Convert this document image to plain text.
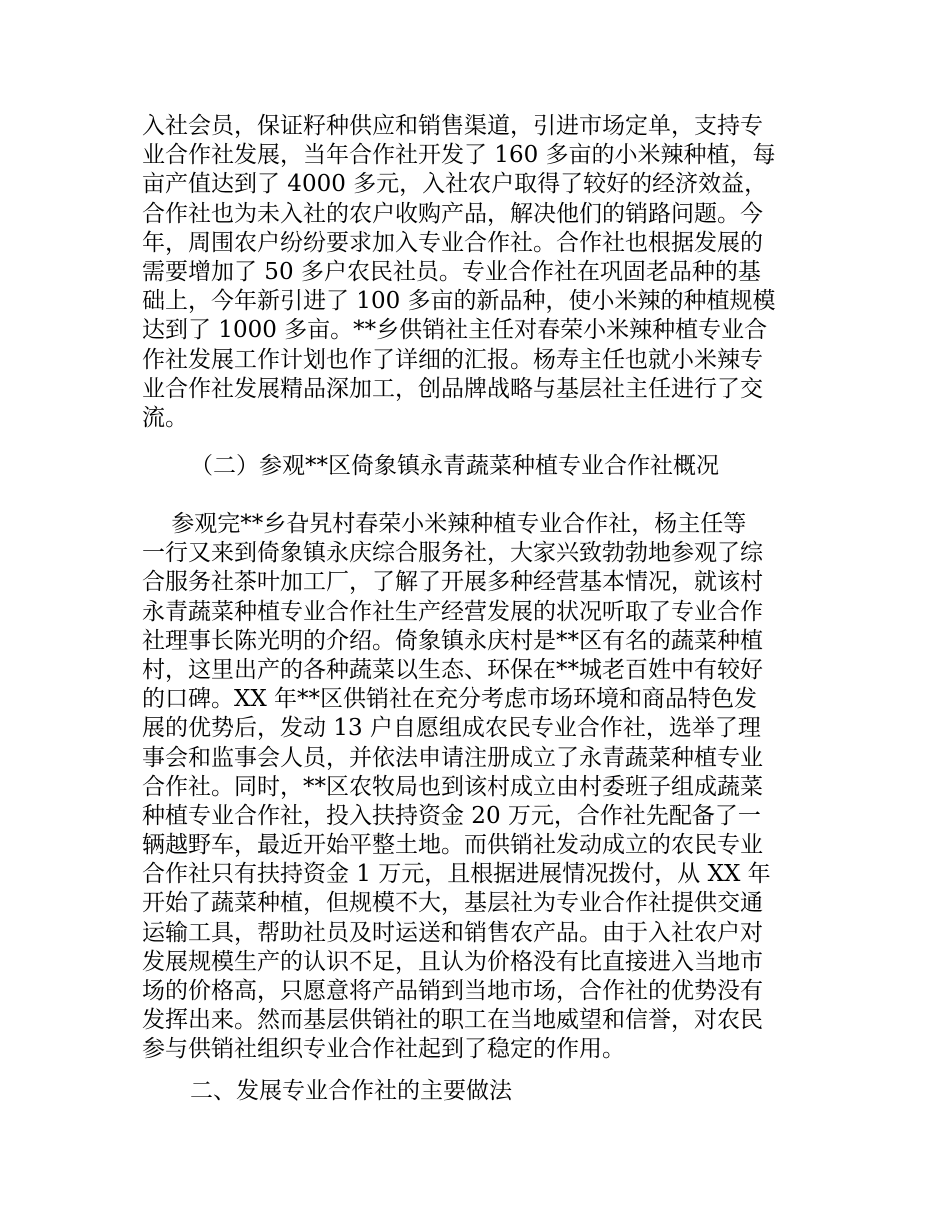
入社会员，保证籽种供应和销售渠道，引进市场定单，支持专
业合作社发展，当年合作社开发了 160 多亩的小米辣种植，每
亩产值达到了 4000 多元，入社农户取得了较好的经济效益，
合作社也为未入社的农户收购产品，解决他们的销路问题。今
年，周围农户纷纷要求加入专业合作社。合作社也根据发展的
需要增加了 50 多户农民社员。专业合作社在巩固老品种的基
础上，今年新引进了 100 多亩的新品种，使小米辣的种植规模
达到了 1000 多亩。**乡供销社主任对春荣小米辣种植专业合
作社发展工作计划也作了详细的汇报。杨寿主任也就小米辣专
业合作社发展精品深加工，创品牌战略与基层社主任进行了交
流。
（二）参观**区倚象镇永青蔬菜种植专业合作社概况
参观完**乡旮旯村春荣小米辣种植专业合作社，杨主任等
一行又来到倚象镇永庆综合服务社，大家兴致勃勃地参观了综
合服务社茶叶加工厂，了解了开展多种经营基本情况，就该村
永青蔬菜种植专业合作社生产经营发展的状况听取了专业合作
社理事长陈光明的介绍。倚象镇永庆村是**区有名的蔬菜种植
村，这里出产的各种蔬菜以生态、环保在**城老百姓中有较好
的口碑。XX 年**区供销社在充分考虑市场环境和商品特色发
展的优势后，发动 13 户自愿组成农民专业合作社，选举了理
事会和监事会人员，并依法申请注册成立了永青蔬菜种植专业
合作社。同时，**区农牧局也到该村成立由村委班子组成蔬菜
种植专业合作社，投入扶持资金 20 万元，合作社先配备了一
辆越野车，最近开始平整土地。而供销社发动成立的农民专业
合作社只有扶持资金 1 万元，且根据进展情况拨付，从 XX 年
开始了蔬菜种植，但规模不大，基层社为专业合作社提供交通
运输工具，帮助社员及时运送和销售农产品。由于入社农户对
发展规模生产的认识不足，且认为价格没有比直接进入当地市
场的价格高，只愿意将产品销到当地市场，合作社的优势没有
发挥出来。然而基层供销社的职工在当地威望和信誉，对农民
参与供销社组织专业合作社起到了稳定的作用。
二、发展专业合作社的主要做法
